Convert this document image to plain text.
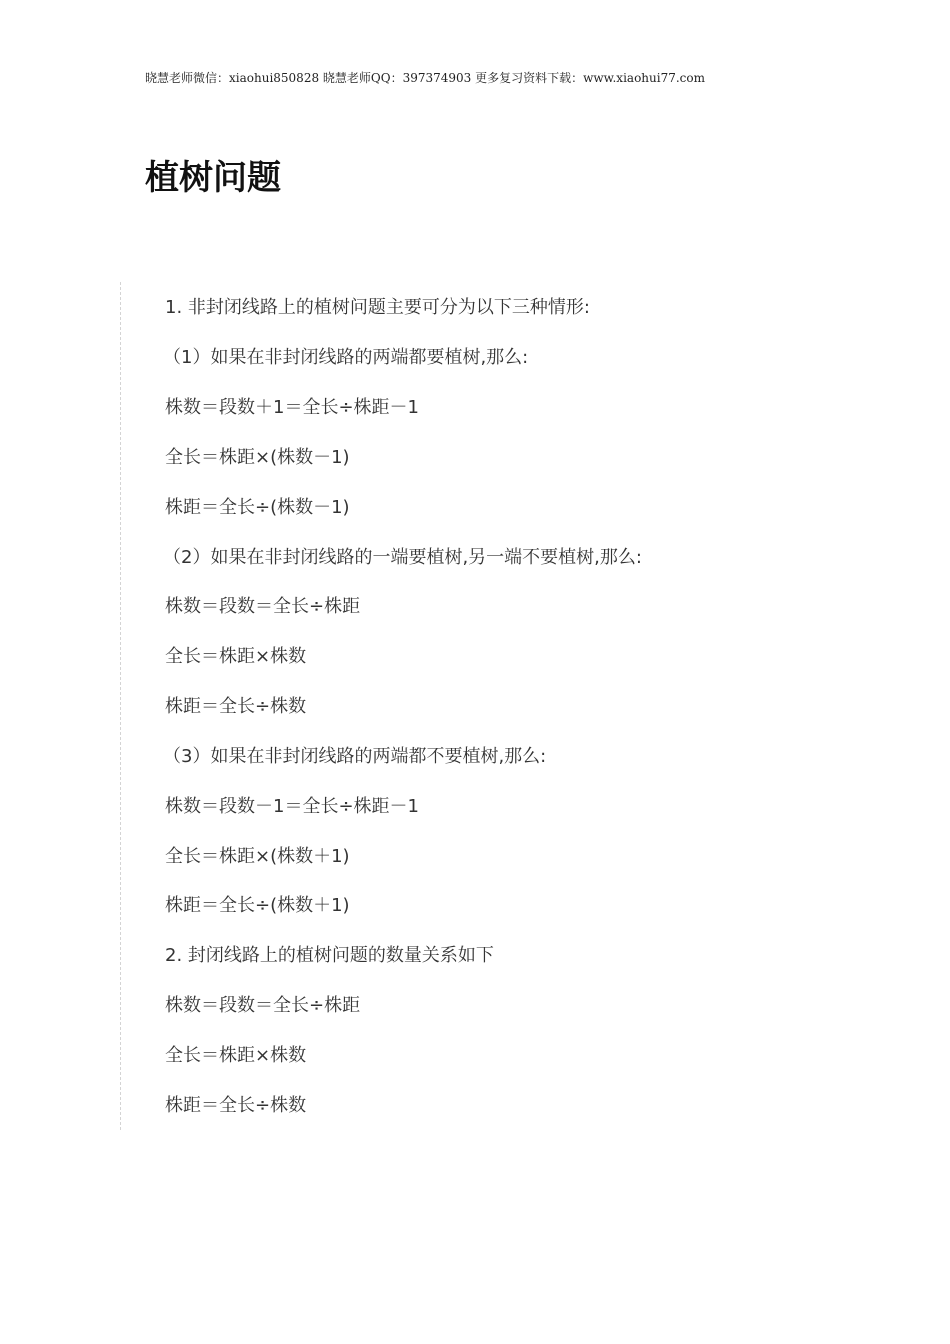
晓慧老师微信：xiaohui850828 晓慧老师QQ：397374903 更多复习资料下载：www.xiaohui77.com
植树问题
1. 非封闭线路上的植树问题主要可分为以下三种情形:
（1）如果在非封闭线路的两端都要植树,那么:
株数＝段数＋1＝全长÷株距－1
全长＝株距×(株数－1)
株距＝全长÷(株数－1)
（2）如果在非封闭线路的一端要植树,另一端不要植树,那么:
株数＝段数＝全长÷株距
全长＝株距×株数
株距＝全长÷株数
（3）如果在非封闭线路的两端都不要植树,那么:
株数＝段数－1＝全长÷株距－1
全长＝株距×(株数＋1)
株距＝全长÷(株数＋1)
2. 封闭线路上的植树问题的数量关系如下
株数＝段数＝全长÷株距
全长＝株距×株数
株距＝全长÷株数
